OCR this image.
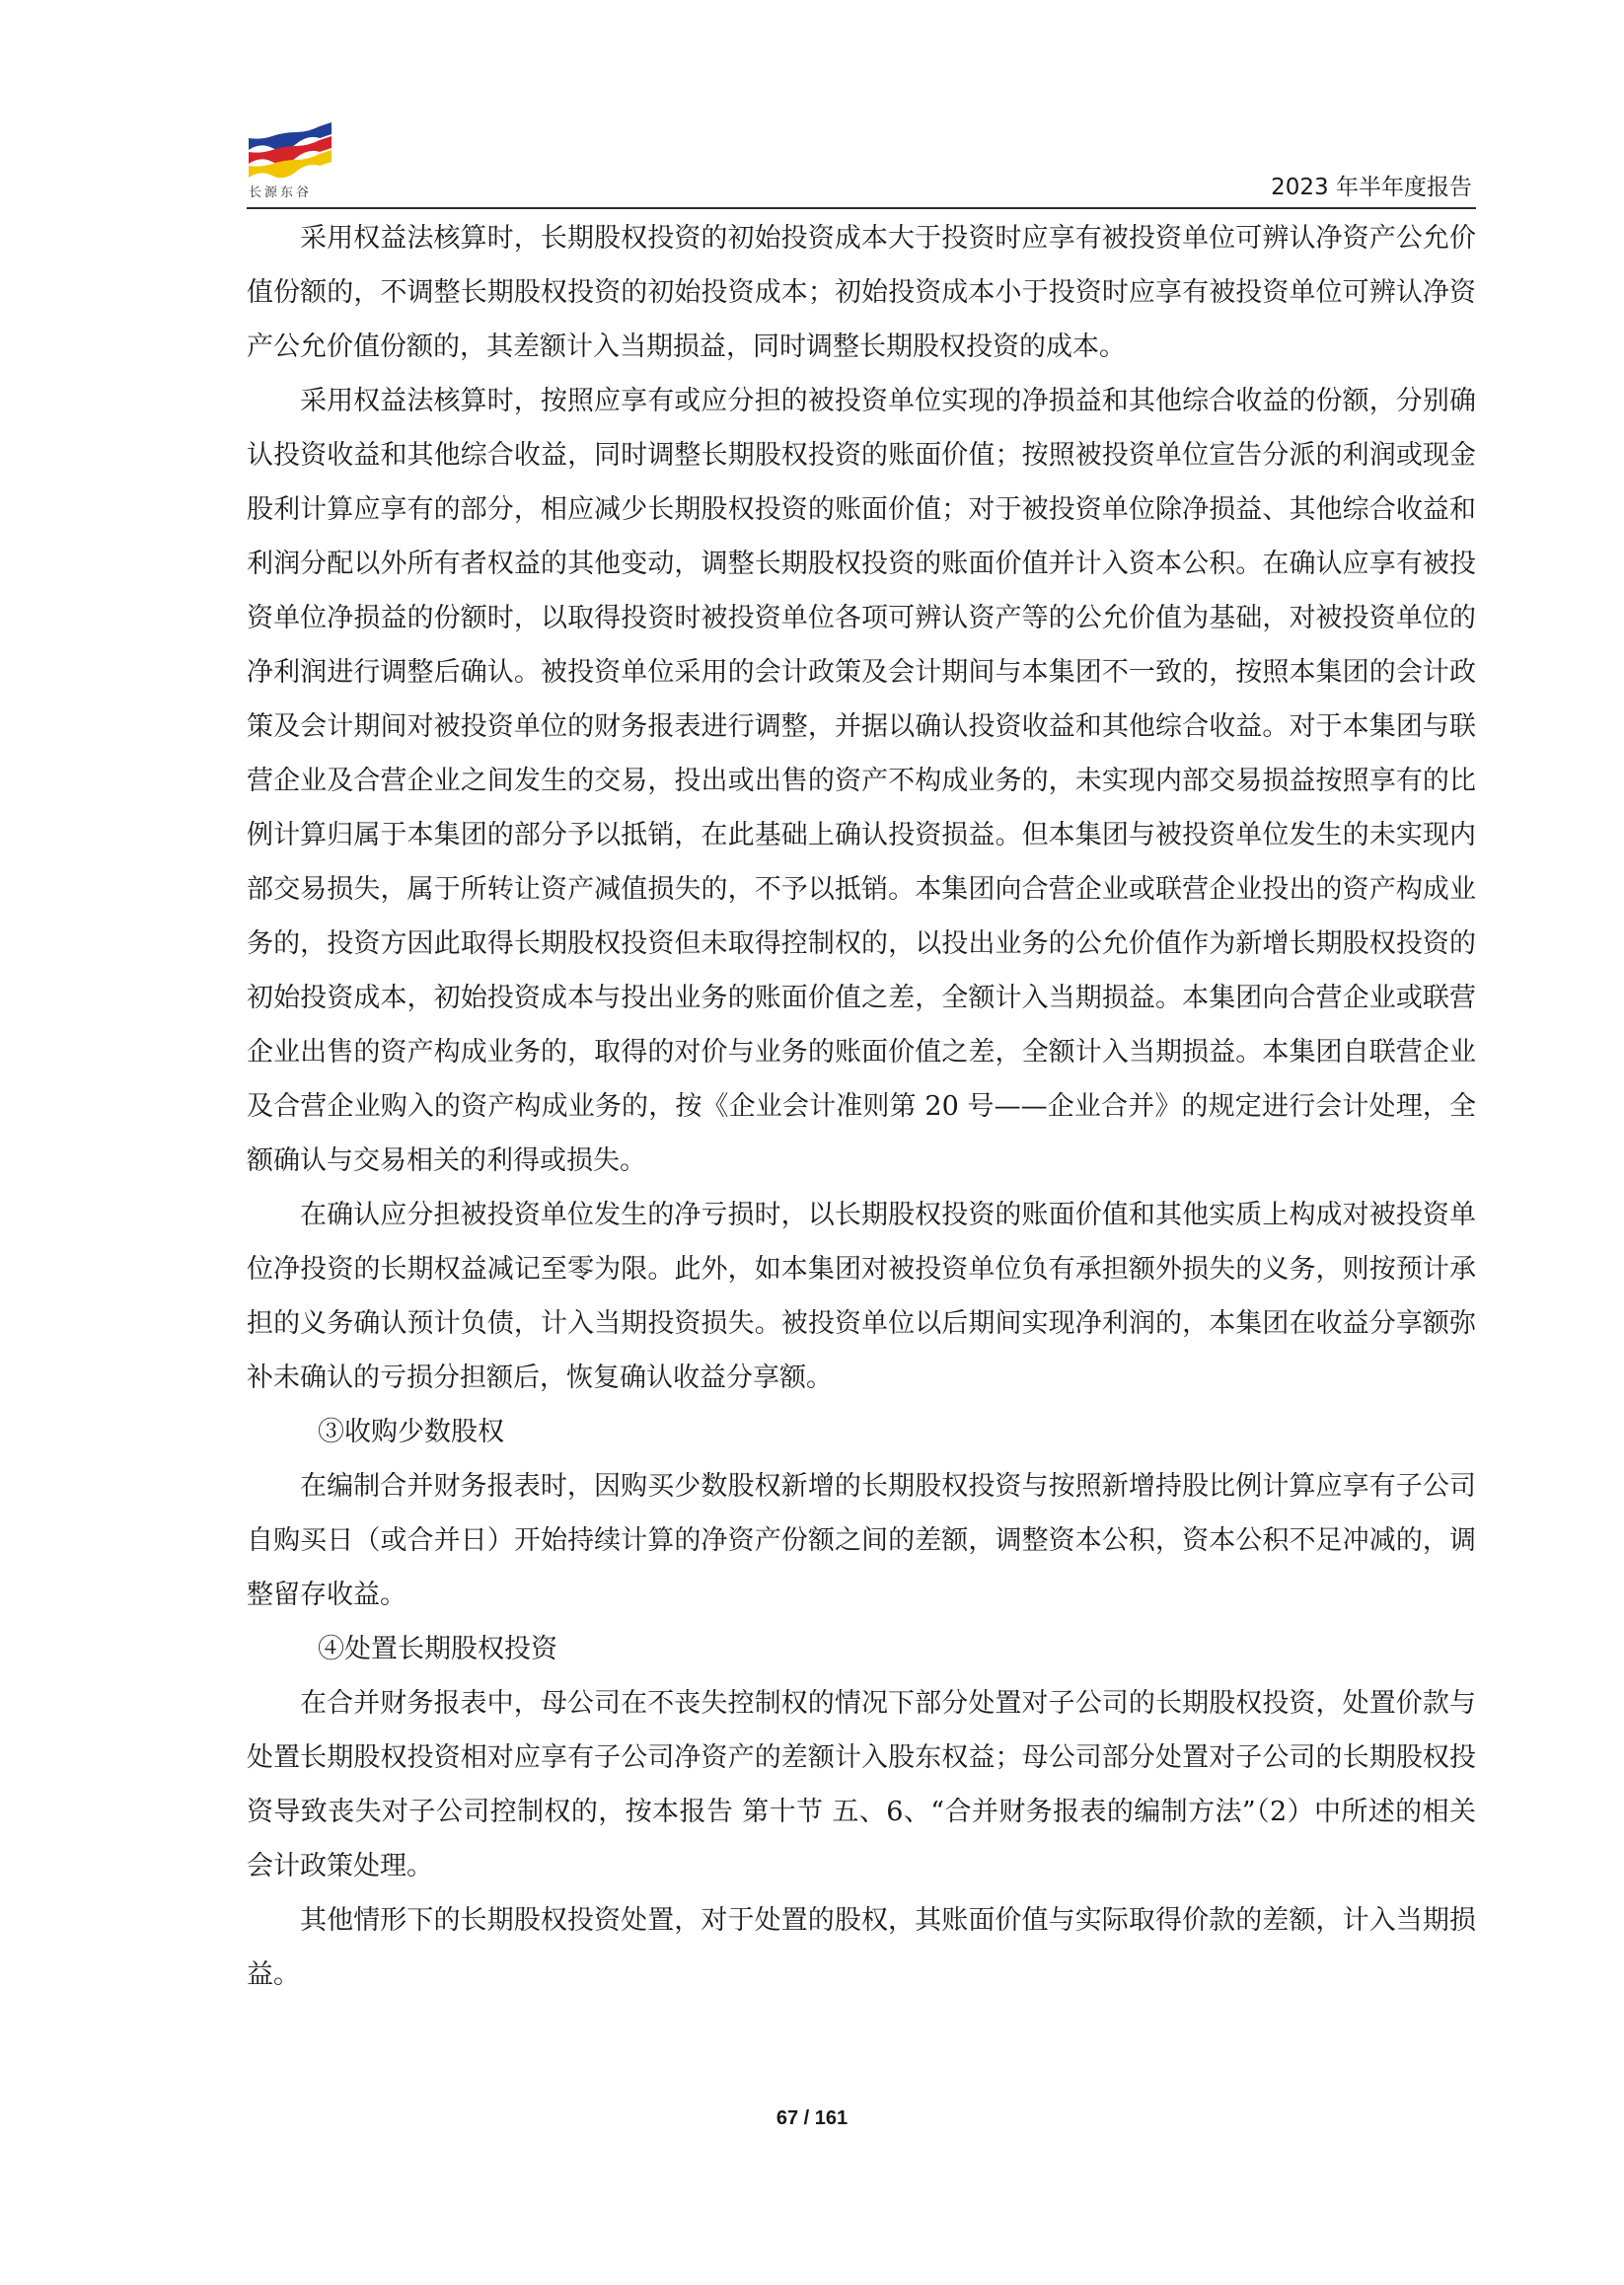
长源东谷	2023 年半年度报告

采用权益法核算时，长期股权投资的初始投资成本大于投资时应享有被投资单位可辨认净资产公允价值份额的，不调整长期股权投资的初始投资成本；初始投资成本小于投资时应享有被投资单位可辨认净资产公允价值份额的，其差额计入当期损益，同时调整长期股权投资的成本。

采用权益法核算时，按照应享有或应分担的被投资单位实现的净损益和其他综合收益的份额，分别确认投资收益和其他综合收益，同时调整长期股权投资的账面价值；按照被投资单位宣告分派的利润或现金股利计算应享有的部分，相应减少长期股权投资的账面价值；对于被投资单位除净损益、其他综合收益和利润分配以外所有者权益的其他变动，调整长期股权投资的账面价值并计入资本公积。在确认应享有被投资单位净损益的份额时，以取得投资时被投资单位各项可辨认资产等的公允价值为基础，对被投资单位的净利润进行调整后确认。被投资单位采用的会计政策及会计期间与本集团不一致的，按照本集团的会计政策及会计期间对被投资单位的财务报表进行调整，并据以确认投资收益和其他综合收益。对于本集团与联营企业及合营企业之间发生的交易，投出或出售的资产不构成业务的，未实现内部交易损益按照享有的比例计算归属于本集团的部分予以抵销，在此基础上确认投资损益。但本集团与被投资单位发生的未实现内部交易损失，属于所转让资产减值损失的，不予以抵销。本集团向合营企业或联营企业投出的资产构成业务的，投资方因此取得长期股权投资但未取得控制权的，以投出业务的公允价值作为新增长期股权投资的初始投资成本，初始投资成本与投出业务的账面价值之差，全额计入当期损益。本集团向合营企业或联营企业出售的资产构成业务的，取得的对价与业务的账面价值之差，全额计入当期损益。本集团自联营企业及合营企业购入的资产构成业务的，按《企业会计准则第 20 号——企业合并》的规定进行会计处理，全额确认与交易相关的利得或损失。

在确认应分担被投资单位发生的净亏损时，以长期股权投资的账面价值和其他实质上构成对被投资单位净投资的长期权益减记至零为限。此外，如本集团对被投资单位负有承担额外损失的义务，则按预计承担的义务确认预计负债，计入当期投资损失。被投资单位以后期间实现净利润的，本集团在收益分享额弥补未确认的亏损分担额后，恢复确认收益分享额。

③收购少数股权

在编制合并财务报表时，因购买少数股权新增的长期股权投资与按照新增持股比例计算应享有子公司自购买日（或合并日）开始持续计算的净资产份额之间的差额，调整资本公积，资本公积不足冲减的，调整留存收益。

④处置长期股权投资

在合并财务报表中，母公司在不丧失控制权的情况下部分处置对子公司的长期股权投资，处置价款与处置长期股权投资相对应享有子公司净资产的差额计入股东权益；母公司部分处置对子公司的长期股权投资导致丧失对子公司控制权的，按本报告 第十节 五、6、“合并财务报表的编制方法”（2）中所述的相关会计政策处理。

其他情形下的长期股权投资处置，对于处置的股权，其账面价值与实际取得价款的差额，计入当期损益。

67 / 161
